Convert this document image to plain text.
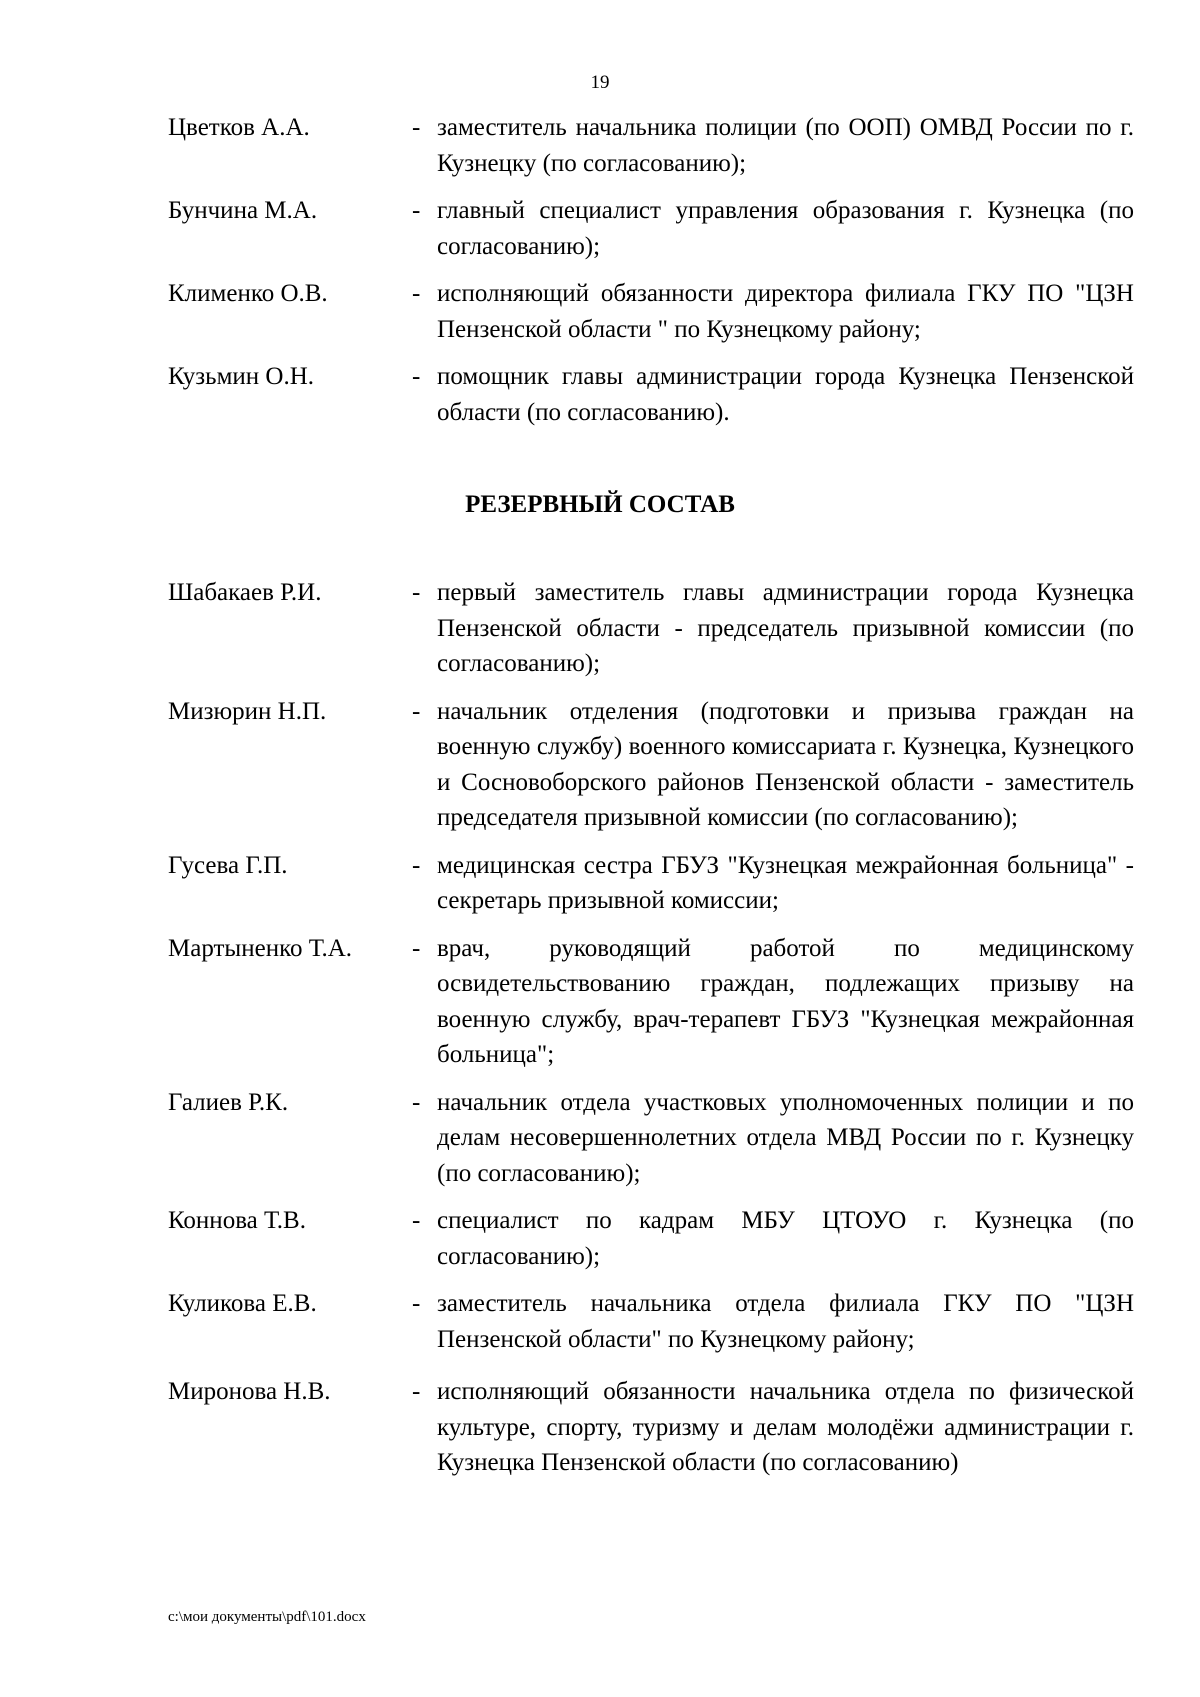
19
Цветков А.А.	- заместитель начальника полиции (по ООП) ОМВД России по г. Кузнецку (по согласованию);
Бунчина М.А.	- главный специалист управления образования г. Кузнецка (по согласованию);
Клименко О.В.	- исполняющий обязанности директора филиала ГКУ ПО "ЦЗН Пензенской области " по Кузнецкому району;
Кузьмин О.Н.	- помощник главы администрации города Кузнецка Пензенской области (по согласованию).
РЕЗЕРВНЫЙ СОСТАВ
Шабакаев Р.И.	- первый заместитель главы администрации города Кузнецка Пензенской области - председатель призывной комиссии (по согласованию);
Мизюрин Н.П.	- начальник отделения (подготовки и призыва граждан на военную службу) военного комиссариата г. Кузнецка, Кузнецкого и Сосновоборского районов Пензенской области - заместитель председателя призывной комиссии (по согласованию);
Гусева Г.П.	- медицинская сестра ГБУЗ "Кузнецкая межрайонная больница" - секретарь призывной комиссии;
Мартыненко Т.А.	- врач, руководящий работой по медицинскому освидетельствованию граждан, подлежащих призыву на военную службу, врач-терапевт ГБУЗ "Кузнецкая межрайонная больница";
Галиев Р.К.	- начальник отдела участковых уполномоченных полиции и по делам несовершеннолетних отдела МВД России по г. Кузнецку (по согласованию);
Коннова Т.В.	- специалист по кадрам МБУ ЦТОУО г. Кузнецка (по согласованию);
Куликова Е.В.	- заместитель начальника отдела филиала ГКУ ПО "ЦЗН Пензенской области" по Кузнецкому району;
Миронова Н.В.	- исполняющий обязанности начальника отдела по физической культуре, спорту, туризму и делам молодёжи администрации г. Кузнецка Пензенской области (по согласованию)
c:\мои документы\pdf\101.docx
